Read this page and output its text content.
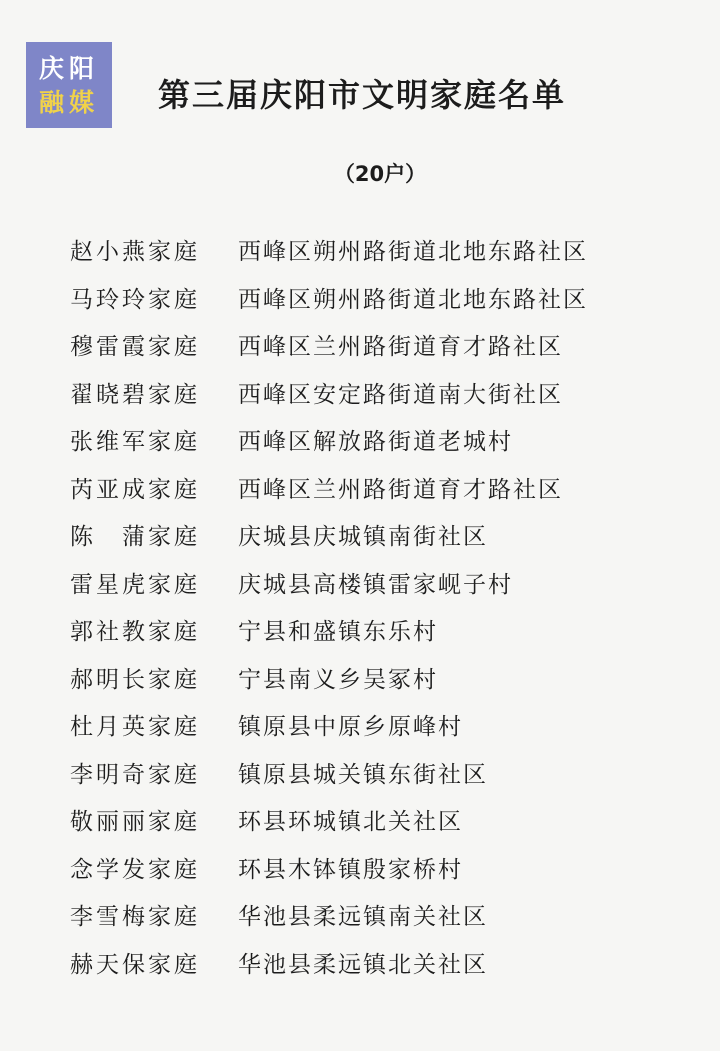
庆阳
融媒 第三届庆阳市文明家庭名单
（20户）
赵小燕家庭	西峰区朔州路街道北地东路社区
马玲玲家庭	西峰区朔州路街道北地东路社区
穆雷霞家庭	西峰区兰州路街道育才路社区
翟晓碧家庭	西峰区安定路街道南大街社区
张维军家庭	西峰区解放路街道老城村
芮亚成家庭	西峰区兰州路街道育才路社区
陈　蒲家庭	庆城县庆城镇南街社区
雷星虎家庭	庆城县高楼镇雷家岘子村
郭社教家庭	宁县和盛镇东乐村
郝明长家庭	宁县南义乡吴冢村
杜月英家庭	镇原县中原乡原峰村
李明奇家庭	镇原县城关镇东街社区
敬丽丽家庭	环县环城镇北关社区
念学发家庭	环县木钵镇殷家桥村
李雪梅家庭	华池县柔远镇南关社区
赫天保家庭	华池县柔远镇北关社区
